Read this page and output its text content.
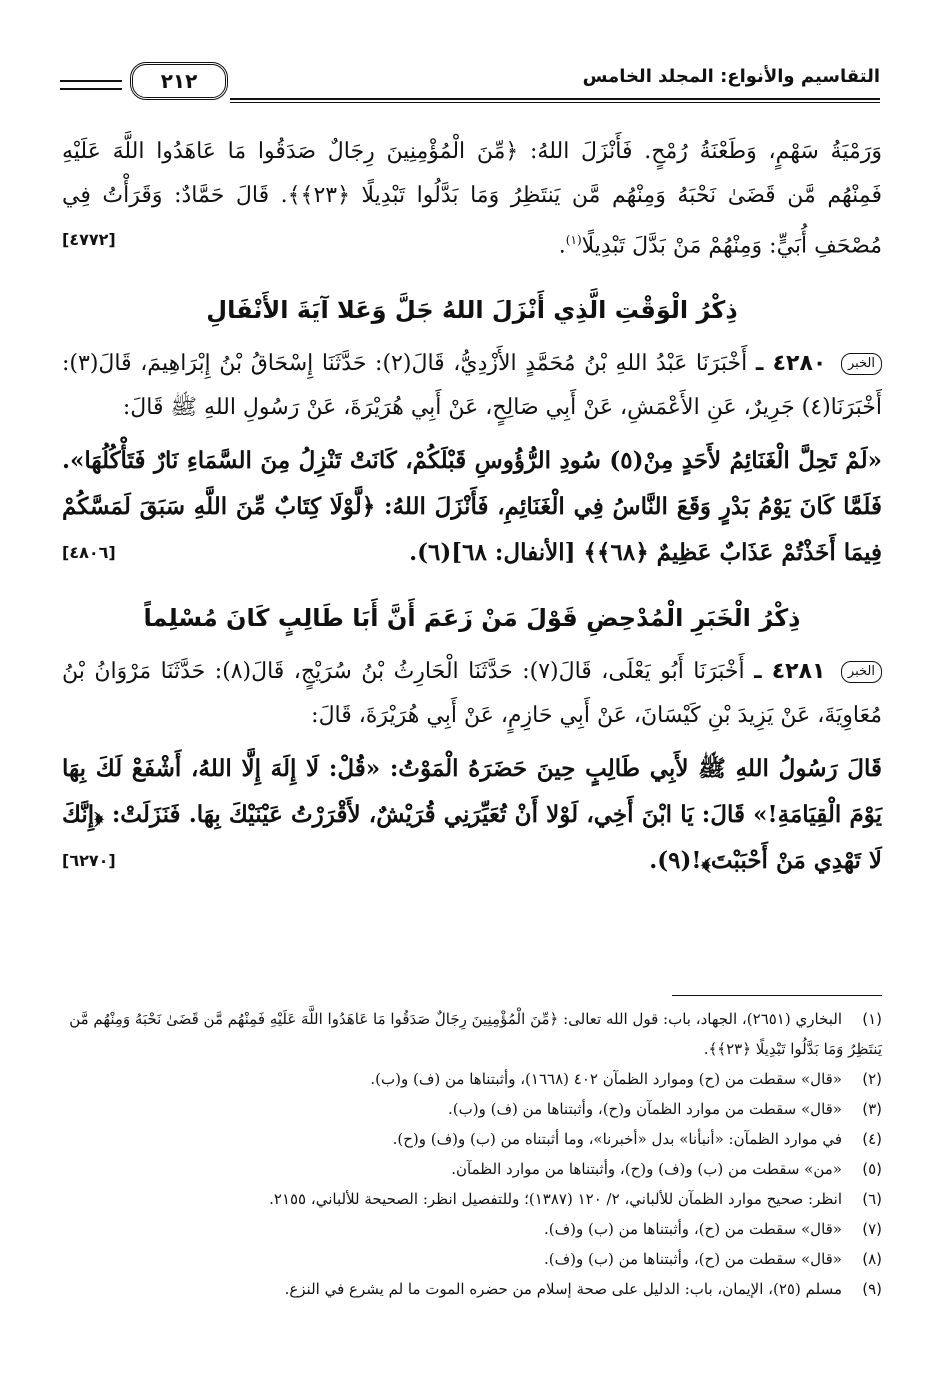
التقاسيم والأنواع: المجلد الخامس
٢١٢

وَرَمْيَةُ سَهْمٍ، وَطَعْنَةُ رُمْحٍ. فَأَنْزَلَ اللهُ: ﴿مِّنَ الْمُؤْمِنِينَ رِجَالٌ صَدَقُوا مَا عَاهَدُوا اللَّهَ عَلَيْهِ فَمِنْهُم مَّن قَضَىٰ نَحْبَهُ وَمِنْهُم مَّن يَنتَظِرُ وَمَا بَدَّلُوا تَبْدِيلًا ﴿٢٣﴾﴾. قَالَ حَمَّادٌ: وَقَرَأْتُ فِي مُصْحَفِ أُبَيٍّ: وَمِنْهُمْ مَنْ بَدَّلَ تَبْدِيلًا$^{(١)}$.
[٤٧٧٢]

ذِكْرُ الْوَقْتِ الَّذِي أَنْزَلَ اللهُ جَلَّ وَعَلا آيَةَ الأَنْفَالِ

الخبر ٤٢٨٠ ـ أَخْبَرَنَا عَبْدُ اللهِ بْنُ مُحَمَّدٍ الأَزْدِيُّ، قَالَ(٢): حَدَّثَنَا إِسْحَاقُ بْنُ إِبْرَاهِيمَ، قَالَ(٣): أَخْبَرَنَا(٤) جَرِيرٌ، عَنِ الأَعْمَشِ، عَنْ أَبِي صَالِحٍ، عَنْ أَبِي هُرَيْرَةَ، عَنْ رَسُولِ اللهِ ﷺ قَالَ:

«لَمْ تَحِلَّ الْغَنَائِمُ لأَحَدٍ مِنْ(٥) سُودِ الرُّؤُوسِ قَبْلَكُمْ، كَانَتْ تَنْزِلُ مِنَ السَّمَاءِ نَارٌ فَتَأْكُلُهَا». فَلَمَّا كَانَ يَوْمُ بَدْرٍ وَقَعَ النَّاسُ فِي الْغَنَائِمِ، فَأَنْزَلَ اللهُ: ﴿لَّوْلَا كِتَابٌ مِّنَ اللَّهِ سَبَقَ لَمَسَّكُمْ فِيمَا أَخَذْتُمْ عَذَابٌ عَظِيمٌ ﴿٦٨﴾﴾ [الأنفال: ٦٨](٦).
[٤٨٠٦]

ذِكْرُ الْخَبَرِ الْمُدْحِضِ قَوْلَ مَنْ زَعَمَ أَنَّ أَبَا طَالِبٍ كَانَ مُسْلِماً

الخبر ٤٢٨١ ـ أَخْبَرَنَا أَبُو يَعْلَى، قَالَ(٧): حَدَّثَنَا الْحَارِثُ بْنُ سُرَيْجٍ، قَالَ(٨): حَدَّثَنَا مَرْوَانُ بْنُ مُعَاوِيَةَ، عَنْ يَزِيدَ بْنِ كَيْسَانَ، عَنْ أَبِي حَازِمٍ، عَنْ أَبِي هُرَيْرَةَ، قَالَ:

قَالَ رَسُولُ اللهِ ﷺ لأَبِي طَالِبٍ حِينَ حَضَرَهُ الْمَوْتُ: «قُلْ: لَا إِلَهَ إِلَّا اللهُ، أَشْفَعْ لَكَ بِهَا يَوْمَ الْقِيَامَةِ!» قَالَ: يَا ابْنَ أَخِي، لَوْلا أَنْ تُعَيِّرَنِي قُرَيْشٌ، لأَقْرَرْتُ عَيْنَيْكَ بِهَا. فَنَزَلَتْ: ﴿إِنَّكَ لَا تَهْدِي مَنْ أَحْبَبْتَ﴾!(٩).
[٦٢٧٠]

(١)البخاري (٢٦٥١)، الجهاد، باب: قول الله تعالى: ﴿مِّنَ الْمُؤْمِنِينَ رِجَالٌ صَدَقُوا مَا عَاهَدُوا اللَّهَ عَلَيْهِ فَمِنْهُم مَّن قَضَىٰ نَحْبَهُ وَمِنْهُم مَّن يَنتَظِرُ وَمَا بَدَّلُوا تَبْدِيلًا ﴿٢٣﴾﴾.

(٢)«قال» سقطت من (ح) وموارد الظمآن ٤٠٢ (١٦٦٨)، وأثبتناها من (ف) و(ب).

(٣)«قال» سقطت من موارد الظمآن و(ح)، وأثبتناها من (ف) و(ب).

(٤)في موارد الظمآن: «أنبأنا» بدل «أخبرنا»، وما أثبتناه من (ب) و(ف) و(ح).

(٥)«من» سقطت من (ب) و(ف) و(ح)، وأثبتناها من موارد الظمآن.

(٦)انظر: صحيح موارد الظمآن للألباني، ٢/ ١٢٠ (١٣٨٧)؛ وللتفصيل انظر: الصحيحة للألباني، ٢١٥٥.

(٧)«قال» سقطت من (ح)، وأثبتناها من (ب) و(ف).

(٨)«قال» سقطت من (ح)، وأثبتناها من (ب) و(ف).

(٩)مسلم (٢٥)، الإيمان، باب: الدليل على صحة إسلام من حضره الموت ما لم يشرع في النزع.
